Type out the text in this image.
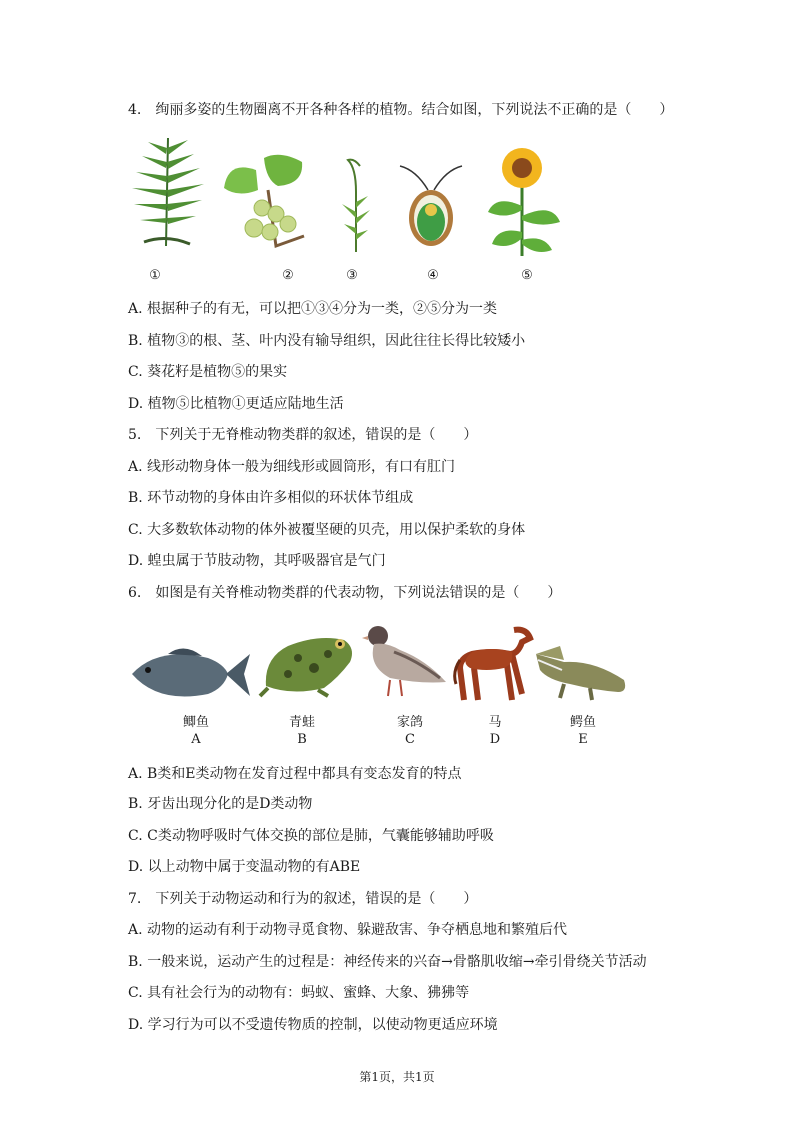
4. 绚丽多姿的生物圈离不开各种各样的植物。结合如图，下列说法不正确的是（　　）
①	②	③	④	⑤
A. 根据种子的有无，可以把①③④分为一类，②⑤分为一类
B. 植物③的根、茎、叶内没有输导组织，因此往往长得比较矮小
C. 葵花籽是植物⑤的果实
D. 植物⑤比植物①更适应陆地生活
5. 下列关于无脊椎动物类群的叙述，错误的是（　　）
A. 线形动物身体一般为细线形或圆筒形，有口有肛门
B. 环节动物的身体由许多相似的环状体节组成
C. 大多数软体动物的体外被覆坚硬的贝壳，用以保护柔软的身体
D. 蝗虫属于节肢动物，其呼吸器官是气门
6. 如图是有关脊椎动物类群的代表动物，下列说法错误的是（　　）
鲫鱼	青蛙	家鸽	马	鳄鱼
A	B	C	D	E
A. B类和E类动物在发育过程中都具有变态发育的特点
B. 牙齿出现分化的是D类动物
C. C类动物呼吸时气体交换的部位是肺，气囊能够辅助呼吸
D. 以上动物中属于变温动物的有ABE
7. 下列关于动物运动和行为的叙述，错误的是（　　）
A. 动物的运动有利于动物寻觅食物、躲避敌害、争夺栖息地和繁殖后代
B. 一般来说，运动产生的过程是：神经传来的兴奋→骨骼肌收缩→牵引骨绕关节活动
C. 具有社会行为的动物有：蚂蚁、蜜蜂、大象、狒狒等
D. 学习行为可以不受遗传物质的控制，以使动物更适应环境
第1页，共1页
